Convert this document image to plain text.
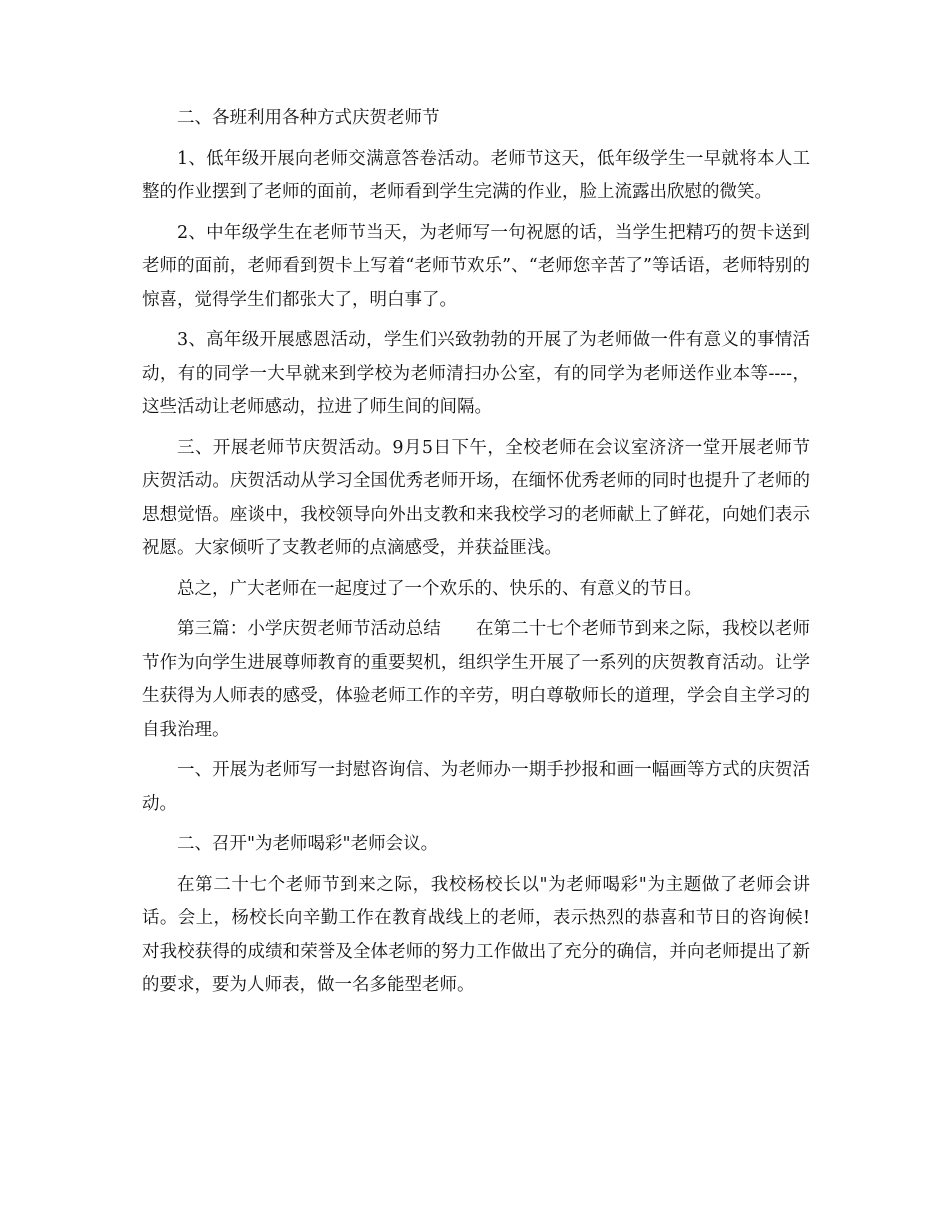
二、各班利用各种方式庆贺老师节

1、低年级开展向老师交满意答卷活动。老师节这天，低年级学生一早就将本人工整的作业摆到了老师的面前，老师看到学生完满的作业，脸上流露出欣慰的微笑。

2、中年级学生在老师节当天，为老师写一句祝愿的话，当学生把精巧的贺卡送到老师的面前，老师看到贺卡上写着“老师节欢乐”、“老师您辛苦了”等话语，老师特别的惊喜，觉得学生们都张大了，明白事了。

3、高年级开展感恩活动，学生们兴致勃勃的开展了为老师做一件有意义的事情活动，有的同学一大早就来到学校为老师清扫办公室，有的同学为老师送作业本等----，这些活动让老师感动，拉进了师生间的间隔。

三、开展老师节庆贺活动。9月5日下午，全校老师在会议室济济一堂开展老师节庆贺活动。庆贺活动从学习全国优秀老师开场，在缅怀优秀老师的同时也提升了老师的思想觉悟。座谈中，我校领导向外出支教和来我校学习的老师献上了鲜花，向她们表示祝愿。大家倾听了支教老师的点滴感受，并获益匪浅。

总之，广大老师在一起度过了一个欢乐的、快乐的、有意义的节日。

第三篇：小学庆贺老师节活动总结　　在第二十七个老师节到来之际，我校以老师节作为向学生进展尊师教育的重要契机，组织学生开展了一系列的庆贺教育活动。让学生获得为人师表的感受，体验老师工作的辛劳，明白尊敬师长的道理，学会自主学习的自我治理。

一、开展为老师写一封慰咨询信、为老师办一期手抄报和画一幅画等方式的庆贺活动。

二、召开"为老师喝彩"老师会议。

在第二十七个老师节到来之际，我校杨校长以"为老师喝彩"为主题做了老师会讲话。会上，杨校长向辛勤工作在教育战线上的老师，表示热烈的恭喜和节日的咨询候!对我校获得的成绩和荣誉及全体老师的努力工作做出了充分的确信，并向老师提出了新的要求，要为人师表，做一名多能型老师。
